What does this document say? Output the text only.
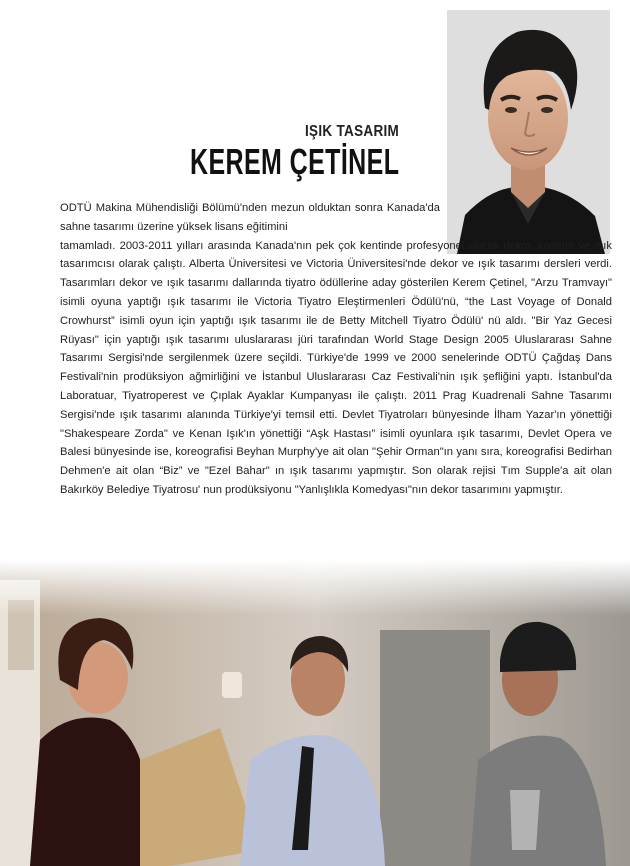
IŞIK TASARIM
KEREM ÇETİNEL
ODTÜ Makina Mühendisliği Bölümü'nden mezun olduktan sonra Kanada'da sahne tasarımı üzerine yüksek lisans eğitimini
tamamladı. 2003-2011 yılları arasında Kanada'nın pek çok kentinde profesyonel olarak dekor, kostüm ve ışık tasarımcısı olarak çalıştı. Alberta Üniversitesi ve Victoria Üniversitesi'nde dekor ve ışık tasarımı dersleri verdi. Tasarımları dekor ve ışık tasarımı dallarında tiyatro ödüllerine aday gösterilen Kerem Çetinel, "Arzu Tramvayı" isimli oyuna yaptığı ışık tasarımı ile Victoria Tiyatro Eleştirmenleri Ödülü'nü, “the Last Voyage of Donald Crowhurst” isimli oyun için yaptığı ışık tasarımı ile de Betty Mitchell Tiyatro Ödülü' nü aldı. "Bir Yaz Gecesi Rüyası" için yaptığı ışık tasarımı uluslararası jüri tarafından World Stage Design 2005 Uluslararası Sahne Tasarımı Sergisi'nde sergilenmek üzere seçildi. Türkiye'de 1999 ve 2000 senelerinde ODTÜ Çağdaş Dans Festivali'nin prodüksiyon ağmirliğini ve İstanbul Uluslararası Caz Festivali'nin ışık şefliğini yaptı. İstanbul'da Laboratuar, Tiyatroperest ve Çıplak Ayaklar Kumpanyası ile çalıştı. 2011 Prag Kuadrenali Sahne Tasarımı Sergisi'nde ışık tasarımı alanında Türkiye'yi temsil etti. Devlet Tiyatroları bünyesinde İlham Yazar'ın yönettiği "Shakespeare Zorda" ve Kenan Işık'ın yönettiği “Aşk Hastası” isimli oyunlara ışık tasarımı, Devlet Opera ve Balesi bünyesinde ise, koreografisi Beyhan Murphy'ye ait olan "Şehir Orman"ın yanı sıra, koreografisi Bedirhan Dehmen'e ait olan “Biz” ve "Ezel Bahar" ın ışık tasarımı yapmıştır. Son olarak rejisi Tım Supple'a ait olan Bakırköy Belediye Tiyatrosu' nun prodüksiyonu "Yanlışlıkla Komedyası"nın dekor tasarımını yapmıştır.
